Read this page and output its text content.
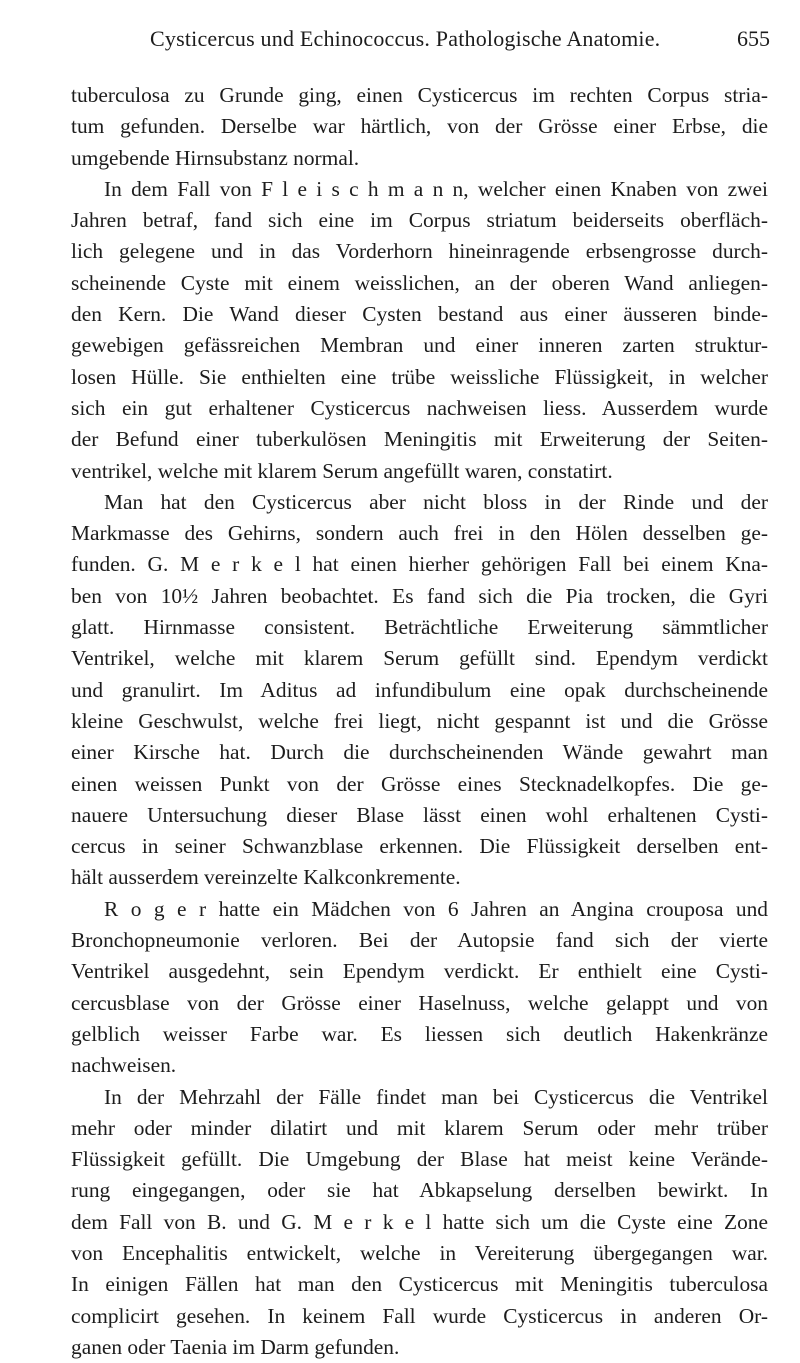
Cysticercus und Echinococcus. Pathologische Anatomie.	655
tuberculosa zu Grunde ging, einen Cysticercus im rechten Corpus stria-
tum gefunden. Derselbe war härtlich, von der Grösse einer Erbse, die
umgebende Hirnsubstanz normal.
In dem Fall von F l e i s c h m a n n, welcher einen Knaben von zwei
Jahren betraf, fand sich eine im Corpus striatum beiderseits oberfläch-
lich gelegene und in das Vorderhorn hineinragende erbsengrosse durch-
scheinende Cyste mit einem weisslichen, an der oberen Wand anliegen-
den Kern. Die Wand dieser Cysten bestand aus einer äusseren binde-
gewebigen gefässreichen Membran und einer inneren zarten struktur-
losen Hülle. Sie enthielten eine trübe weissliche Flüssigkeit, in welcher
sich ein gut erhaltener Cysticercus nachweisen liess. Ausserdem wurde
der Befund einer tuberkulösen Meningitis mit Erweiterung der Seiten-
ventrikel, welche mit klarem Serum angefüllt waren, constatirt.
Man hat den Cysticercus aber nicht bloss in der Rinde und der
Markmasse des Gehirns, sondern auch frei in den Hölen desselben ge-
funden. G. M e r k e l hat einen hierher gehörigen Fall bei einem Kna-
ben von 10½ Jahren beobachtet. Es fand sich die Pia trocken, die Gyri
glatt. Hirnmasse consistent. Beträchtliche Erweiterung sämmtlicher
Ventrikel, welche mit klarem Serum gefüllt sind. Ependym verdickt
und granulirt. Im Aditus ad infundibulum eine opak durchscheinende
kleine Geschwulst, welche frei liegt, nicht gespannt ist und die Grösse
einer Kirsche hat. Durch die durchscheinenden Wände gewahrt man
einen weissen Punkt von der Grösse eines Stecknadelkopfes. Die ge-
nauere Untersuchung dieser Blase lässt einen wohl erhaltenen Cysti-
cercus in seiner Schwanzblase erkennen. Die Flüssigkeit derselben ent-
hält ausserdem vereinzelte Kalkconkremente.
R o g e r hatte ein Mädchen von 6 Jahren an Angina crouposa und
Bronchopneumonie verloren. Bei der Autopsie fand sich der vierte
Ventrikel ausgedehnt, sein Ependym verdickt. Er enthielt eine Cysti-
cercusblase von der Grösse einer Haselnuss, welche gelappt und von
gelblich weisser Farbe war. Es liessen sich deutlich Hakenkränze
nachweisen.
In der Mehrzahl der Fälle findet man bei Cysticercus die Ventrikel
mehr oder minder dilatirt und mit klarem Serum oder mehr trüber
Flüssigkeit gefüllt. Die Umgebung der Blase hat meist keine Verände-
rung eingegangen, oder sie hat Abkapselung derselben bewirkt. In
dem Fall von B. und G. M e r k e l hatte sich um die Cyste eine Zone
von Encephalitis entwickelt, welche in Vereiterung übergegangen war.
In einigen Fällen hat man den Cysticercus mit Meningitis tuberculosa
complicirt gesehen. In keinem Fall wurde Cysticercus in anderen Or-
ganen oder Taenia im Darm gefunden.
